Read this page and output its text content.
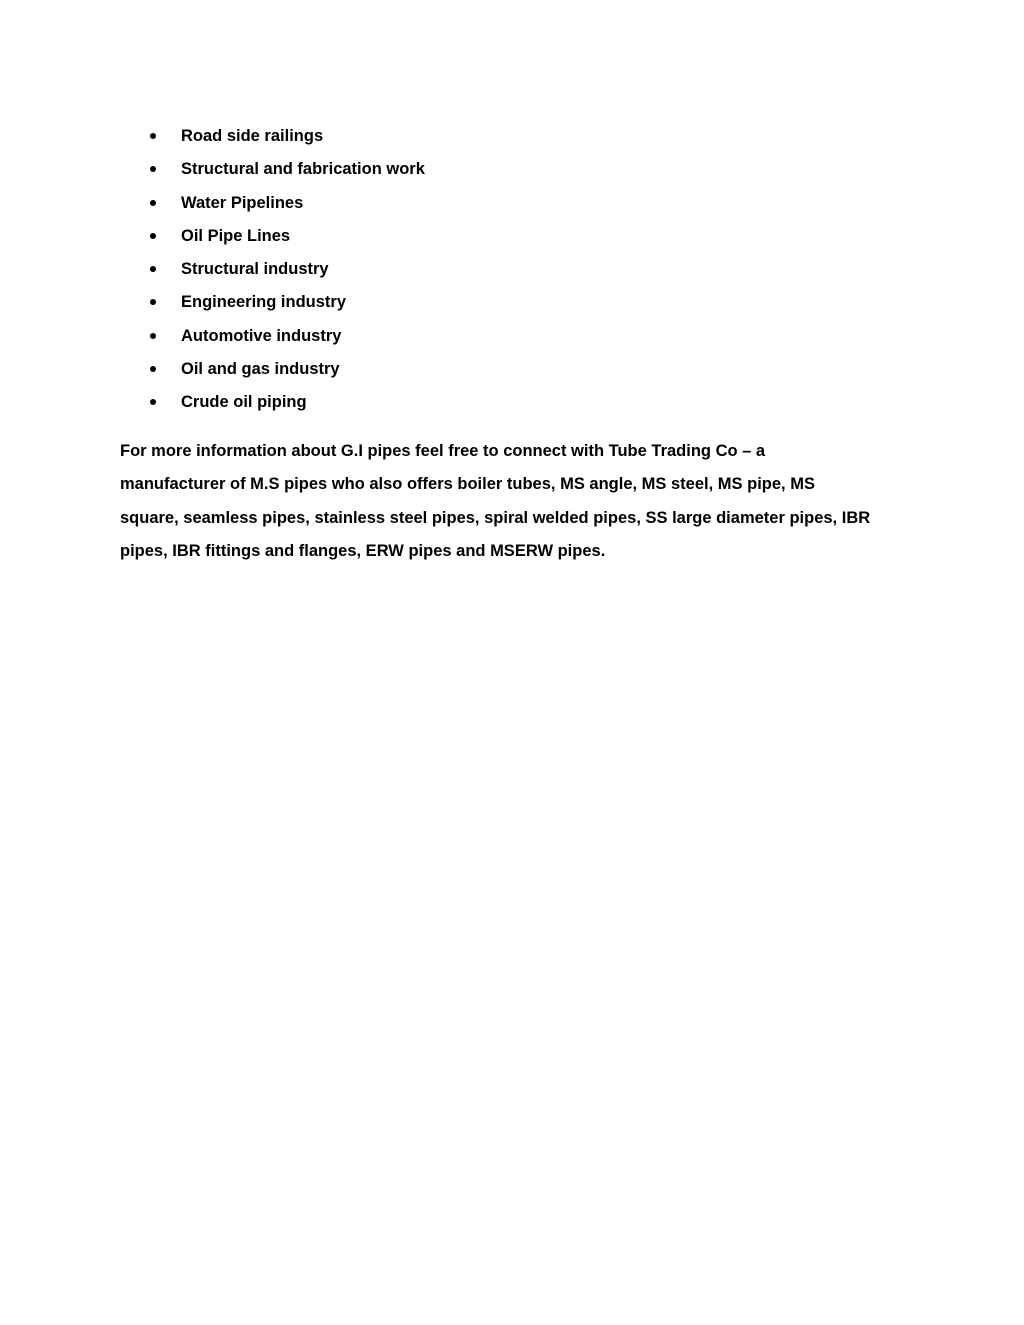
Road side railings
Structural and fabrication work
Water Pipelines
Oil Pipe Lines
Structural industry
Engineering industry
Automotive industry
Oil and gas industry
Crude oil piping

For more information about G.I pipes feel free to connect with Tube Trading Co – a
manufacturer of M.S pipes who also offers boiler tubes, MS angle, MS steel, MS pipe, MS
square, seamless pipes, stainless steel pipes, spiral welded pipes, SS large diameter pipes, IBR
pipes, IBR fittings and flanges, ERW pipes and MSERW pipes.
